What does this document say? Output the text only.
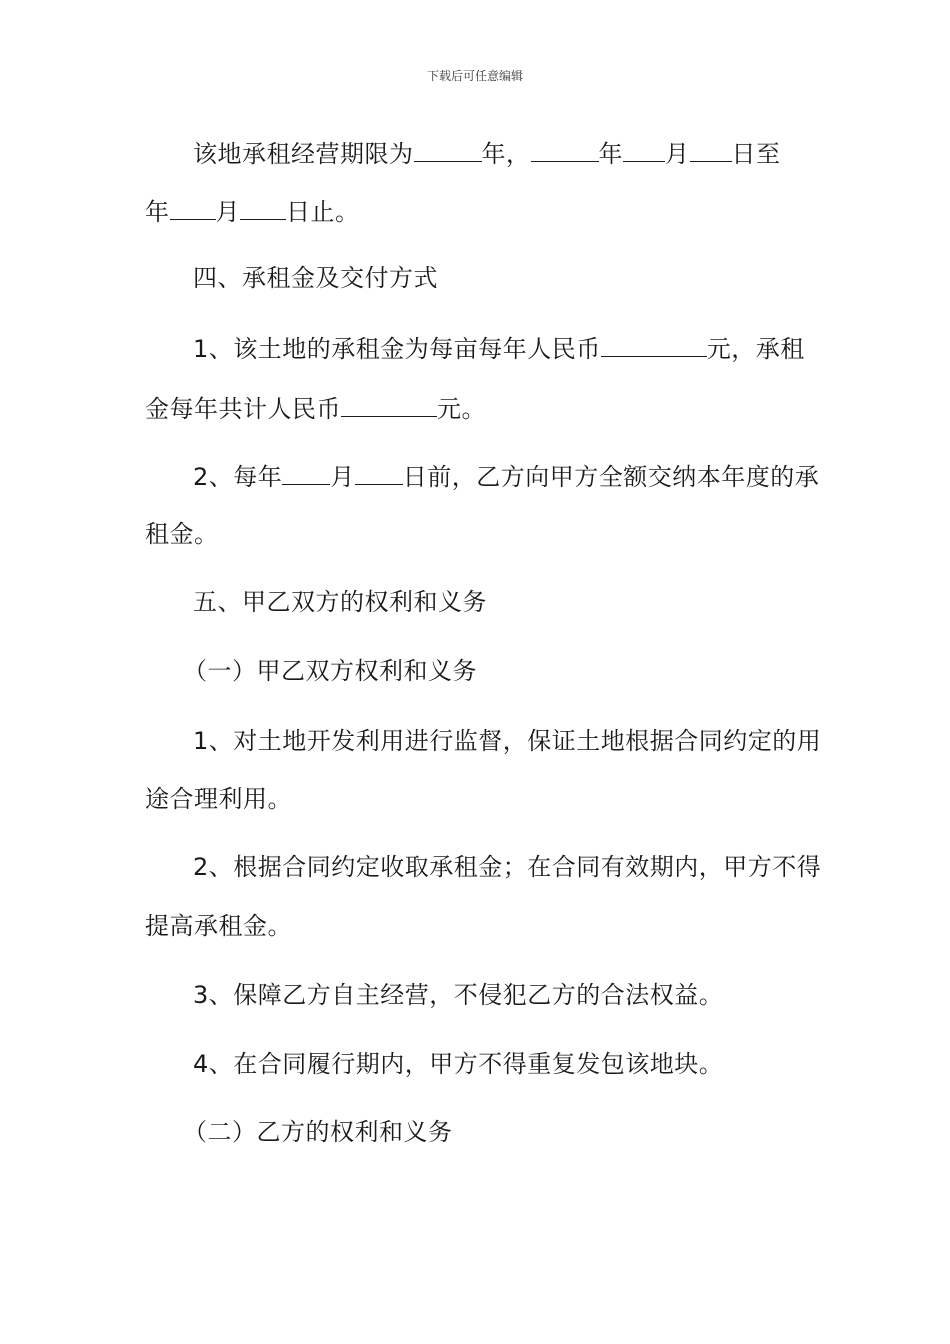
下载后可任意编辑
该地承租经营期限为	年，	年 月 日至
年 月 日止。
四、承租金及交付方式
1、该土地的承租金为每亩每年人民币	元，承租
金每年共计人民币	元。
2、每年 月 日前，乙方向甲方全额交纳本年度的承
租金。
五、甲乙双方的权利和义务
（一）甲乙双方权利和义务
1、对土地开发利用进行监督，保证土地根据合同约定的用
途合理利用。
2、根据合同约定收取承租金；在合同有效期内，甲方不得
提高承租金。
3、保障乙方自主经营，不侵犯乙方的合法权益。
4、在合同履行期内，甲方不得重复发包该地块。
（二）乙方的权利和义务
